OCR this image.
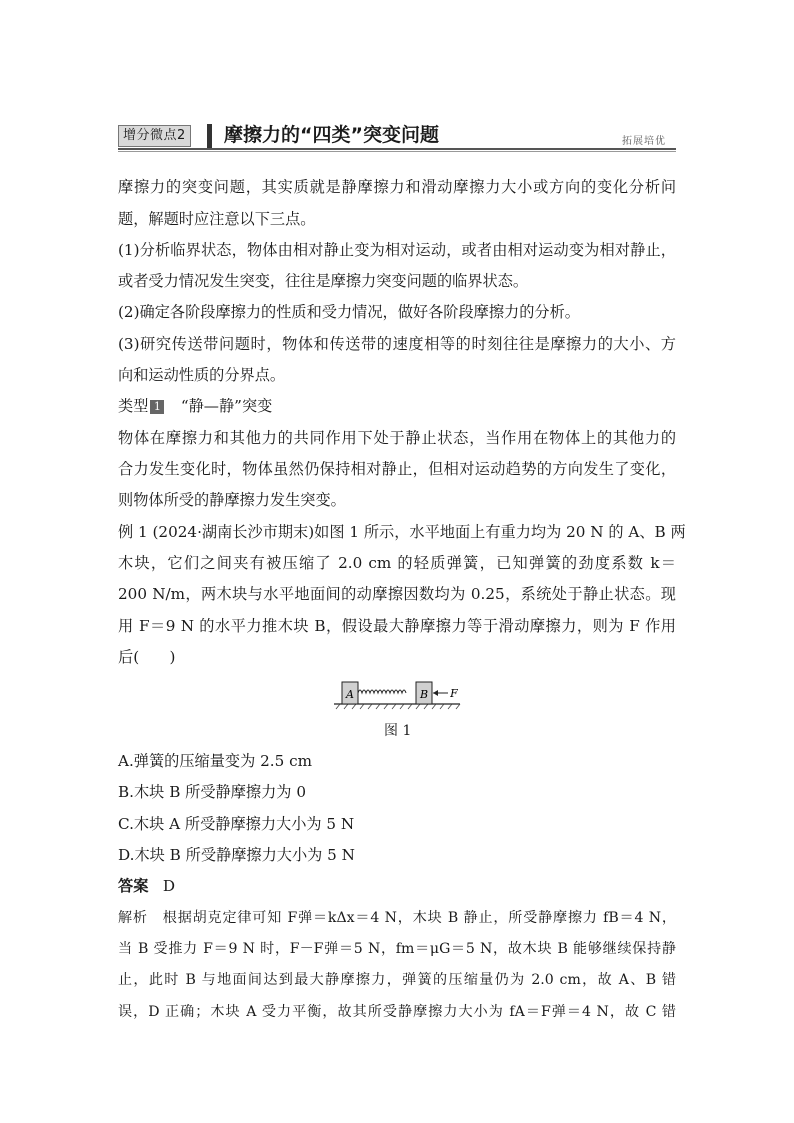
增分微点2 摩擦力的“四类”突变问题	拓展培优
摩擦力的突变问题，其实质就是静摩擦力和滑动摩擦力大小或方向的变化分析问
题，解题时应注意以下三点。
(1)分析临界状态，物体由相对静止变为相对运动，或者由相对运动变为相对静止，
或者受力情况发生突变，往往是摩擦力突变问题的临界状态。
(2)确定各阶段摩擦力的性质和受力情况，做好各阶段摩擦力的分析。
(3)研究传送带问题时，物体和传送带的速度相等的时刻往往是摩擦力的大小、方
向和运动性质的分界点。
类型 1 “静—静”突变
物体在摩擦力和其他力的共同作用下处于静止状态，当作用在物体上的其他力的
合力发生变化时，物体虽然仍保持相对静止，但相对运动趋势的方向发生了变化，
则物体所受的静摩擦力发生突变。
例 1 (2024·湖南长沙市期末)如图 1 所示，水平地面上有重力均为 20 N 的 A、B 两
木块，它们之间夹有被压缩了 2.0 cm 的轻质弹簧，已知弹簧的劲度系数 k＝
200 N/m，两木块与水平地面间的动摩擦因数均为 0.25，系统处于静止状态。现
用 F＝9 N 的水平力推木块 B，假设最大静摩擦力等于滑动摩擦力，则为 F 作用
后(　　)
A	B F
图 1
A.弹簧的压缩量变为 2.5 cm
B.木块 B 所受静摩擦力为 0
C.木块 A 所受静摩擦力大小为 5 N
D.木块 B 所受静摩擦力大小为 5 N
答案 D
解析　根据胡克定律可知 F弹＝kΔx＝4 N，木块 B 静止，所受静摩擦力 fB＝4 N，
当 B 受推力 F＝9 N 时，F－F弹＝5 N，fm＝μG＝5 N，故木块 B 能够继续保持静
止，此时 B 与地面间达到最大静摩擦力，弹簧的压缩量仍为 2.0 cm，故 A、B 错
误，D 正确；木块 A 受力平衡，故其所受静摩擦力大小为 fA＝F弹＝4 N，故 C 错
